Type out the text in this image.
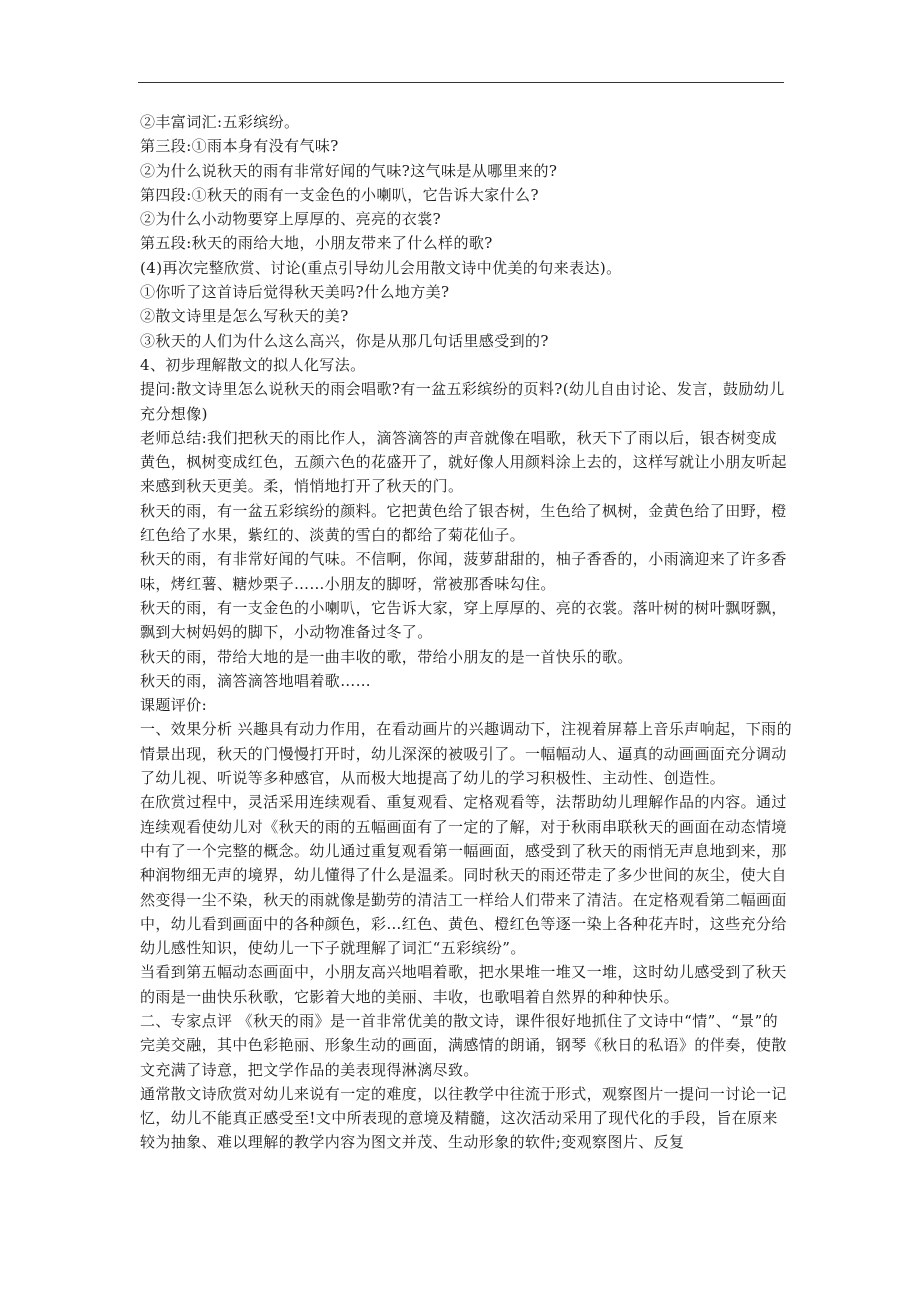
②丰富词汇:五彩缤纷。

第三段:①雨本身有没有气味?

②为什么说秋天的雨有非常好闻的气味?这气味是从哪里来的?

第四段:①秋天的雨有一支金色的小喇叭，它告诉大家什么?

②为什么小动物要穿上厚厚的、亮亮的衣裳?

第五段:秋天的雨给大地，小朋友带来了什么样的歌?

(4)再次完整欣赏、讨论(重点引导幼儿会用散文诗中优美的句来表达)。

①你听了这首诗后觉得秋天美吗?什么地方美?

②散文诗里是怎么写秋天的美?

③秋天的人们为什么这么高兴，你是从那几句话里感受到的?

4、初步理解散文的拟人化写法。

提问:散文诗里怎么说秋天的雨会唱歌?有一盆五彩缤纷的页料?(幼儿自由讨论、发言，鼓励幼儿充分想像)

老师总结:我们把秋天的雨比作人，滴答滴答的声音就像在唱歌，秋天下了雨以后，银杏树变成黄色，枫树变成红色，五颜六色的花盛开了，就好像人用颜料涂上去的，这样写就让小朋友听起来感到秋天更美。柔，悄悄地打开了秋天的门。

秋天的雨，有一盆五彩缤纷的颜料。它把黄色给了银杏树，生色给了枫树，金黄色给了田野，橙红色给了水果，紫红的、淡黄的雪白的都给了菊花仙子。

秋天的雨，有非常好闻的气味。不信啊，你闻，菠萝甜甜的，柚子香香的，小雨滴迎来了许多香味，烤红薯、糖炒栗子……小朋友的脚呀，常被那香味勾住。

秋天的雨，有一支金色的小喇叭，它告诉大家，穿上厚厚的、亮的衣裳。落叶树的树叶飘呀飘，飘到大树妈妈的脚下，小动物准备过冬了。

秋天的雨，带给大地的是一曲丰收的歌，带给小朋友的是一首快乐的歌。

秋天的雨，滴答滴答地唱着歌……

课题评价:

一、效果分析 兴趣具有动力作用，在看动画片的兴趣调动下，注视着屏幕上音乐声响起，下雨的情景出现，秋天的门慢慢打开时，幼儿深深的被吸引了。一幅幅动人、逼真的动画画面充分调动了幼儿视、听说等多种感官，从而极大地提高了幼儿的学习积极性、主动性、创造性。

在欣赏过程中，灵活采用连续观看、重复观看、定格观看等，法帮助幼儿理解作品的内容。通过连续观看使幼儿对《秋天的雨的五幅画面有了一定的了解，对于秋雨串联秋天的画面在动态情境中有了一个完整的概念。幼儿通过重复观看第一幅画面，感受到了秋天的雨悄无声息地到来，那种润物细无声的境界，幼儿懂得了什么是温柔。同时秋天的雨还带走了多少世间的灰尘，使大自然变得一尘不染，秋天的雨就像是勤劳的清洁工一样给人们带来了清洁。在定格观看第二幅画面中，幼儿看到画面中的各种颜色，彩…红色、黄色、橙红色等逐一染上各种花卉时，这些充分给幼儿感性知识，使幼儿一下子就理解了词汇“五彩缤纷”。

当看到第五幅动态画面中，小朋友高兴地唱着歌，把水果堆一堆又一堆，这时幼儿感受到了秋天的雨是一曲快乐秋歌，它影着大地的美丽、丰收，也歌唱着自然界的种种快乐。

二、专家点评 《秋天的雨》是一首非常优美的散文诗，课件很好地抓住了文诗中“情”、“景”的完美交融，其中色彩艳丽、形象生动的画面，满感情的朗诵，钢琴《秋日的私语》的伴奏，使散文充满了诗意，把文学作品的美表现得淋漓尽致。

通常散文诗欣赏对幼儿来说有一定的难度，以往教学中往流于形式，观察图片一提问一讨论一记忆，幼儿不能真正感受至!文中所表现的意境及精髓，这次活动采用了现代化的手段，旨在原来较为抽象、难以理解的教学内容为图文并茂、生动形象的软件;变观察图片、反复
